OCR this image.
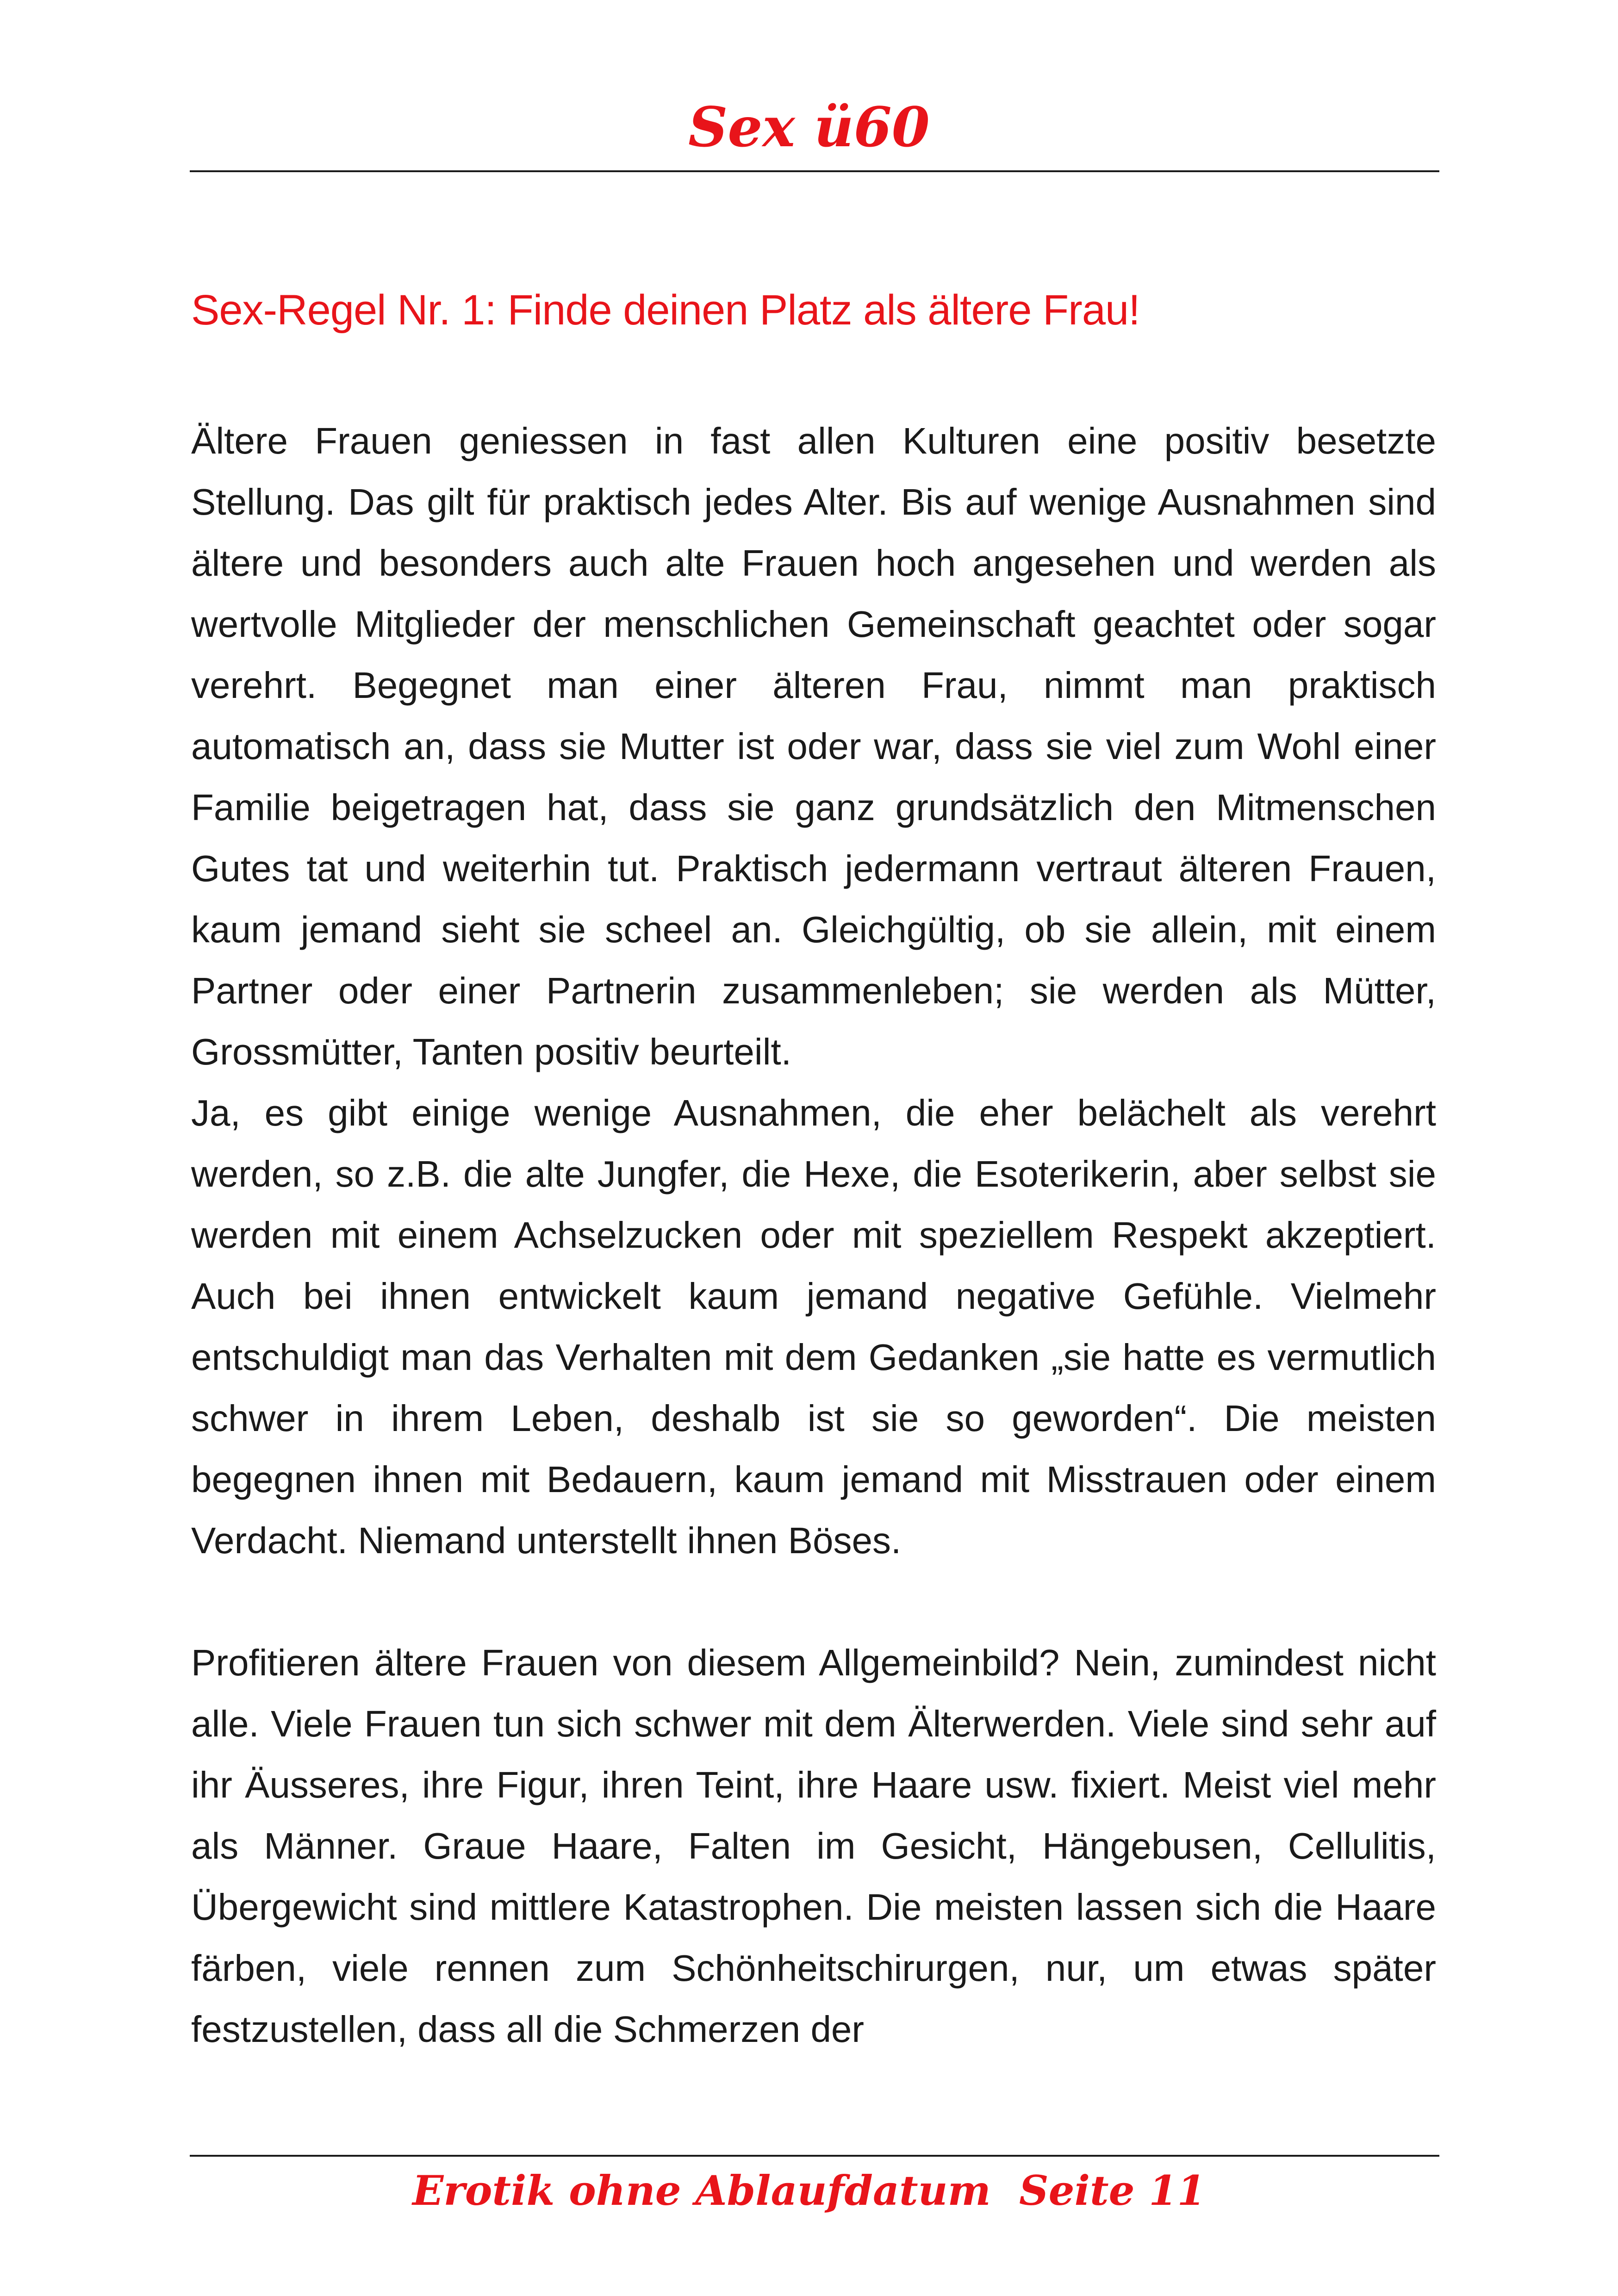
Sex ü60
Sex-Regel Nr. 1: Finde deinen Platz als ältere Frau!

Ältere Frauen geniessen in fast allen Kulturen eine positiv besetzte Stellung. Das gilt für praktisch jedes Alter. Bis auf wenige Ausnahmen sind ältere und besonders auch alte Frauen hoch angesehen und werden als wertvolle Mitglieder der menschlichen Gemeinschaft geachtet oder sogar verehrt. Begegnet man einer älteren Frau, nimmt man praktisch automatisch an, dass sie Mutter ist oder war, dass sie viel zum Wohl einer Familie beigetragen hat, dass sie ganz grundsätzlich den Mitmenschen Gutes tat und weiterhin tut. Praktisch jedermann vertraut älteren Frauen, kaum jemand sieht sie scheel an. Gleichgültig, ob sie allein, mit einem Partner oder einer Partnerin zusammenleben; sie werden als Mütter, Grossmütter, Tanten positiv beurteilt.

Ja, es gibt einige wenige Ausnahmen, die eher belächelt als verehrt werden, so z.B. die alte Jungfer, die Hexe, die Esoterikerin, aber selbst sie werden mit einem Achselzucken oder mit speziellem Respekt akzeptiert. Auch bei ihnen entwickelt kaum jemand negative Gefühle. Vielmehr entschuldigt man das Verhalten mit dem Gedanken „sie hatte es vermutlich schwer in ihrem Leben, deshalb ist sie so geworden“. Die meisten begegnen ihnen mit Bedauern, kaum jemand mit Misstrauen oder einem Verdacht. Niemand unterstellt ihnen Böses.

Profitieren ältere Frauen von diesem Allgemeinbild? Nein, zumindest nicht alle. Viele Frauen tun sich schwer mit dem Älterwerden. Viele sind sehr auf ihr Äusseres, ihre Figur, ihren Teint, ihre Haare usw. fixiert. Meist viel mehr als Männer. Graue Haare, Falten im Gesicht, Hängebusen, Cellulitis, Übergewicht sind mittlere Katastrophen. Die meisten lassen sich die Haare färben, viele rennen zum Schönheitschirurgen, nur, um etwas später festzustellen, dass all die Schmerzen der

Erotik ohne Ablaufdatum  Seite 11
